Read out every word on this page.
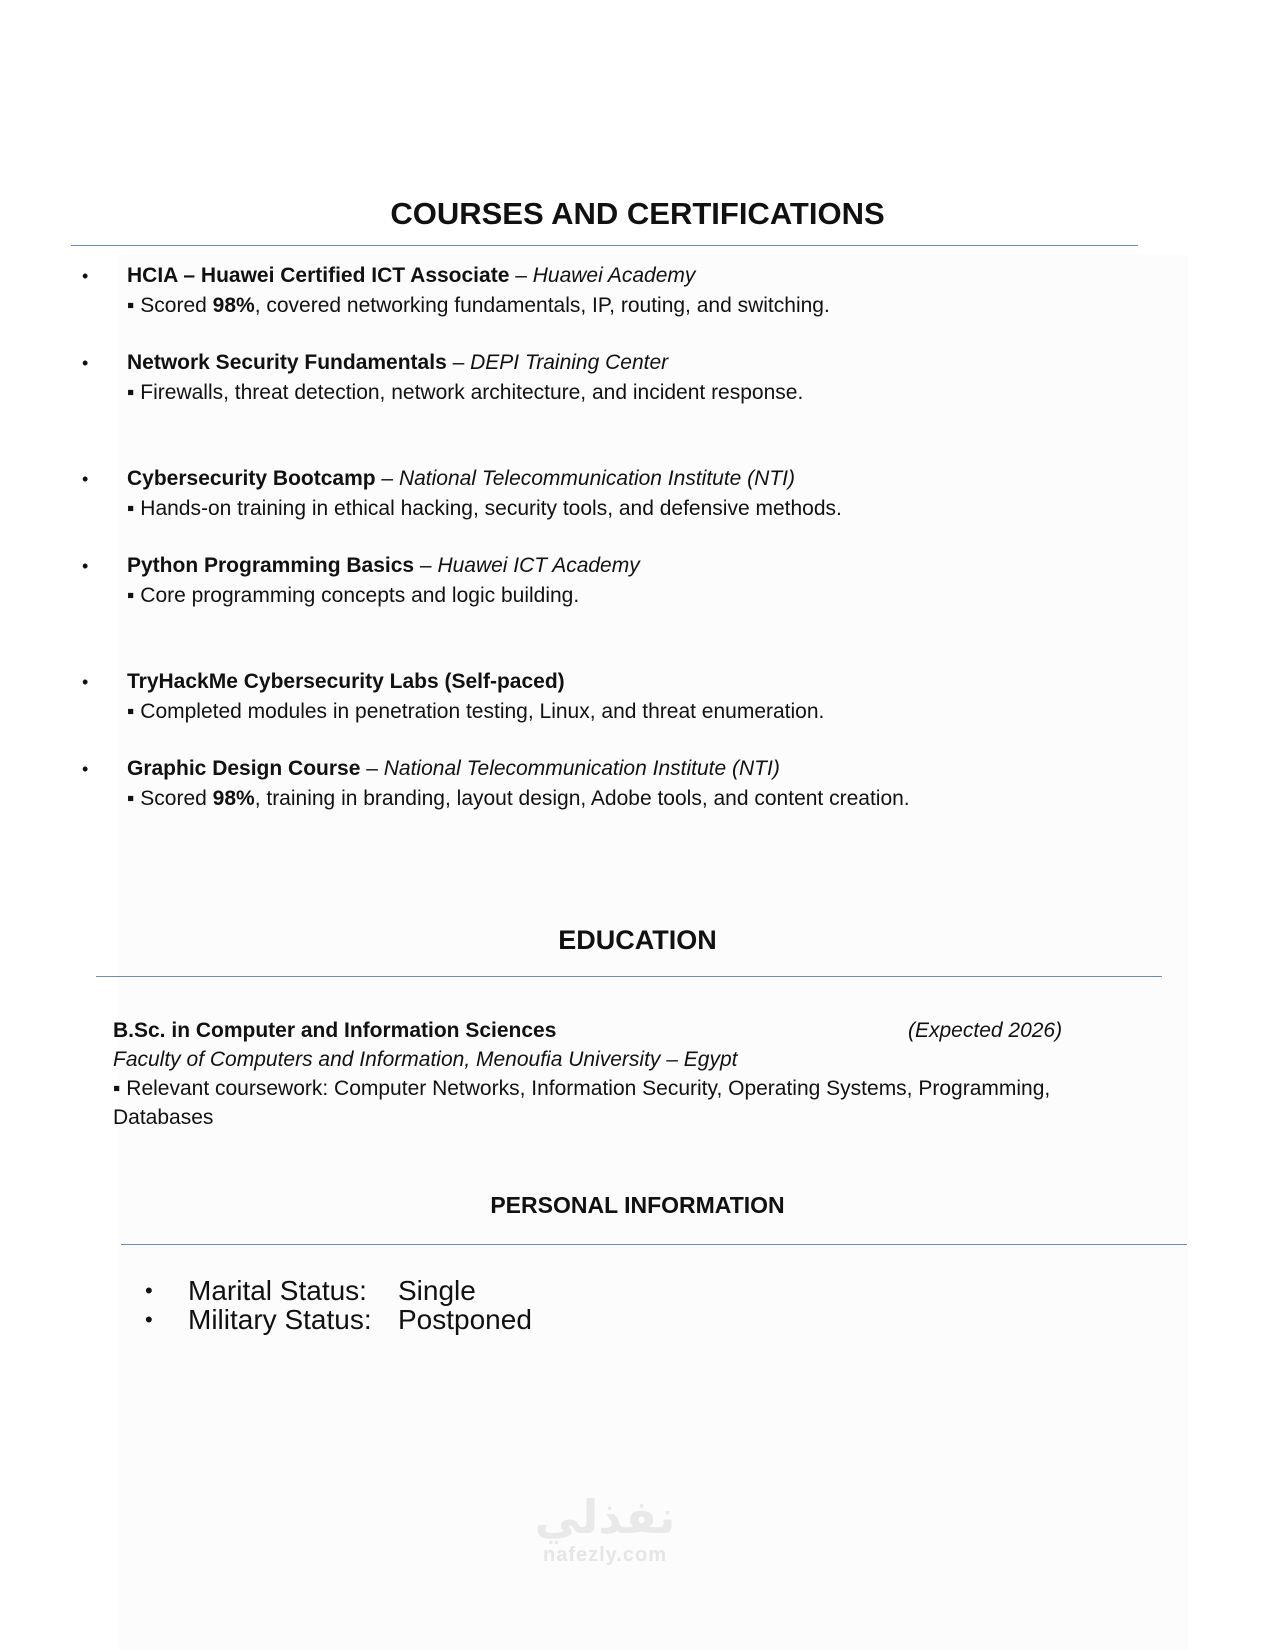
COURSES AND CERTIFICATIONS
• HCIA – Huawei Certified ICT Associate – Huawei Academy
▪ Scored 98%, covered networking fundamentals, IP, routing, and switching.
• Network Security Fundamentals – DEPI Training Center
▪ Firewalls, threat detection, network architecture, and incident response.
• Cybersecurity Bootcamp – National Telecommunication Institute (NTI)
▪ Hands-on training in ethical hacking, security tools, and defensive methods.
• Python Programming Basics – Huawei ICT Academy
▪ Core programming concepts and logic building.
• TryHackMe Cybersecurity Labs (Self-paced)
▪ Completed modules in penetration testing, Linux, and threat enumeration.
• Graphic Design Course – National Telecommunication Institute (NTI)
▪ Scored 98%, training in branding, layout design, Adobe tools, and content creation.
EDUCATION
B.Sc. in Computer and Information Sciences	(Expected 2026)
Faculty of Computers and Information, Menoufia University – Egypt
▪ Relevant coursework: Computer Networks, Information Security, Operating Systems, Programming,
Databases
PERSONAL INFORMATION
• Marital Status: Single
• Military Status: Postponed
نفذلي
nafezly.com
